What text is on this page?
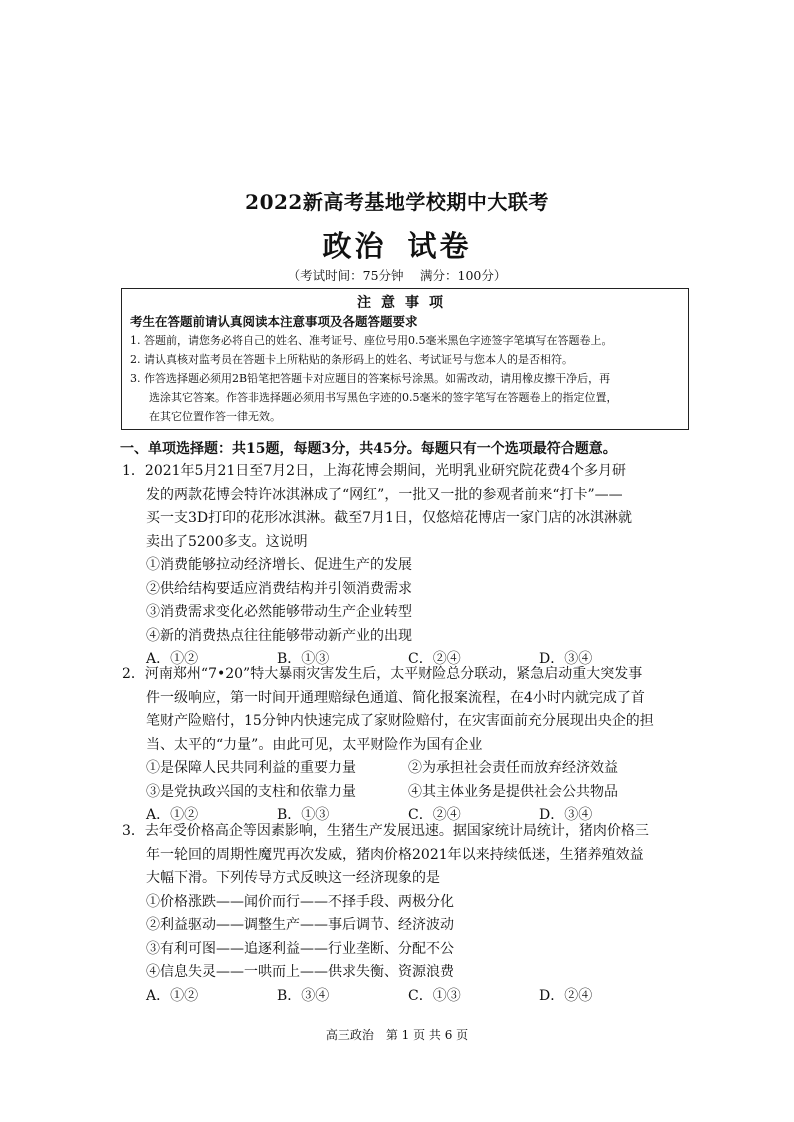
2022新高考基地学校期中大联考
政治 试卷
（考试时间：75分钟　 满分：100分）
注意事项
考生在答题前请认真阅读本注意事项及各题答题要求
1. 答题前，请您务必将自己的姓名、准考证号、座位号用0.5毫米黑色字迹签字笔填写在答题卷上。
2. 请认真核对监考员在答题卡上所粘贴的条形码上的姓名、考试证号与您本人的是否相符。
3. 作答选择题必须用2B铅笔把答题卡对应题目的答案标号涂黑。如需改动，请用橡皮擦干净后，再
选涂其它答案。作答非选择题必须用书写黑色字迹的0.5毫米的签字笔写在答题卷上的指定位置，
在其它位置作答一律无效。
一、单项选择题：共15题，每题3分，共45分。每题只有一个选项最符合题意。
1．2021年5月21日至7月2日，上海花博会期间，光明乳业研究院花费4个多月研
发的两款花博会特许冰淇淋成了“网红”，一批又一批的参观者前来“打卡”——
买一支3D打印的花形冰淇淋。截至7月1日，仅悠焙花博店一家门店的冰淇淋就
卖出了5200多支。这说明
①消费能够拉动经济增长、促进生产的发展
②供给结构要适应消费结构并引领消费需求
③消费需求变化必然能够带动生产企业转型
④新的消费热点往往能够带动新产业的出现
A．①②	B．①③	C．②④	D．③④
2．河南郑州“7•20”特大暴雨灾害发生后，太平财险总分联动，紧急启动重大突发事
件一级响应，第一时间开通理赔绿色通道、简化报案流程，在4小时内就完成了首
笔财产险赔付，15分钟内快速完成了家财险赔付，在灾害面前充分展现出央企的担
当、太平的“力量”。由此可见，太平财险作为国有企业
①是保障人民共同利益的重要力量	②为承担社会责任而放弃经济效益
③是党执政兴国的支柱和依靠力量	④其主体业务是提供社会公共物品
A．①②	B．①③	C．②④	D．③④
3．去年受价格高企等因素影响，生猪生产发展迅速。据国家统计局统计，猪肉价格三
年一轮回的周期性魔咒再次发威，猪肉价格2021年以来持续低迷，生猪养殖效益
大幅下滑。下列传导方式反映这一经济现象的是
①价格涨跌——闻价而行——不择手段、两极分化
②利益驱动——调整生产——事后调节、经济波动
③有利可图——追逐利益——行业垄断、分配不公
④信息失灵——一哄而上——供求失衡、资源浪费
A．①②	B．③④	C．①③	D．②④
高三政治　第 1 页 共 6 页
